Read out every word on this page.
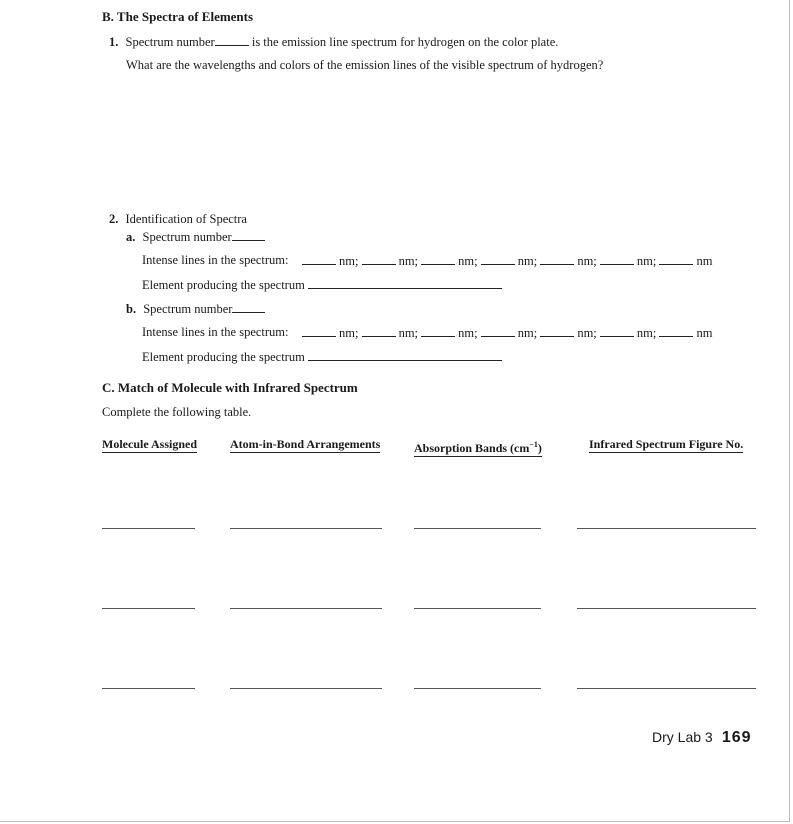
B. The Spectra of Elements
1. Spectrum number	is the emission line spectrum for hydrogen on the color plate.
What are the wavelengths and colors of the emission lines of the visible spectrum of hydrogen?
2. Identification of Spectra
a. Spectrum number
Intense lines in the spectrum:	nm;	nm;	nm;	nm;	nm;	nm;	nm
Element producing the spectrum
b. Spectrum number
Intense lines in the spectrum:	nm;	nm;	nm;	nm;	nm;	nm;	nm
Element producing the spectrum
C. Match of Molecule with Infrared Spectrum
Complete the following table.
Molecule Assigned	Atom-in-Bond Arrangements	Absorption Bands $(cm^{-1})$	Infrared Spectrum Figure No.
Dry Lab 3 169
